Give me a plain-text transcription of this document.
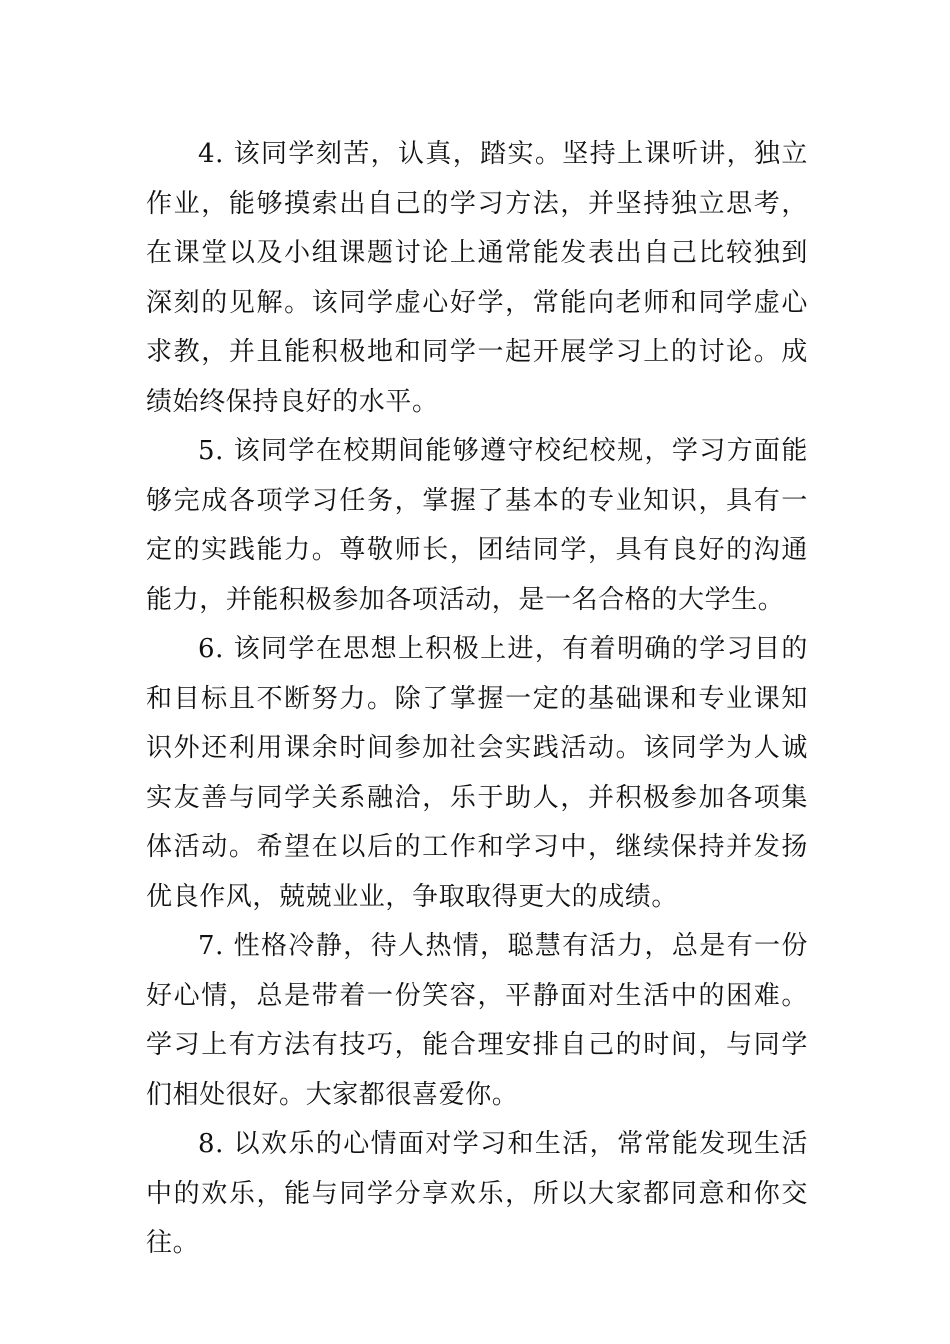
4. 该同学刻苦，认真，踏实。坚持上课听讲，独立作业，能够摸索出自己的学习方法，并坚持独立思考，在课堂以及小组课题讨论上通常能发表出自己比较独到深刻的见解。该同学虚心好学，常能向老师和同学虚心求教，并且能积极地和同学一起开展学习上的讨论。成绩始终保持良好的水平。

5. 该同学在校期间能够遵守校纪校规，学习方面能够完成各项学习任务，掌握了基本的专业知识，具有一定的实践能力。尊敬师长，团结同学，具有良好的沟通能力，并能积极参加各项活动，是一名合格的大学生。

6. 该同学在思想上积极上进，有着明确的学习目的和目标且不断努力。除了掌握一定的基础课和专业课知识外还利用课余时间参加社会实践活动。该同学为人诚实友善与同学关系融洽，乐于助人，并积极参加各项集体活动。希望在以后的工作和学习中，继续保持并发扬优良作风，兢兢业业，争取取得更大的成绩。

7. 性格冷静，待人热情，聪慧有活力，总是有一份好心情，总是带着一份笑容，平静面对生活中的困难。学习上有方法有技巧，能合理安排自己的时间，与同学们相处很好。大家都很喜爱你。

8. 以欢乐的心情面对学习和生活，常常能发现生活中的欢乐，能与同学分享欢乐，所以大家都同意和你交往。
